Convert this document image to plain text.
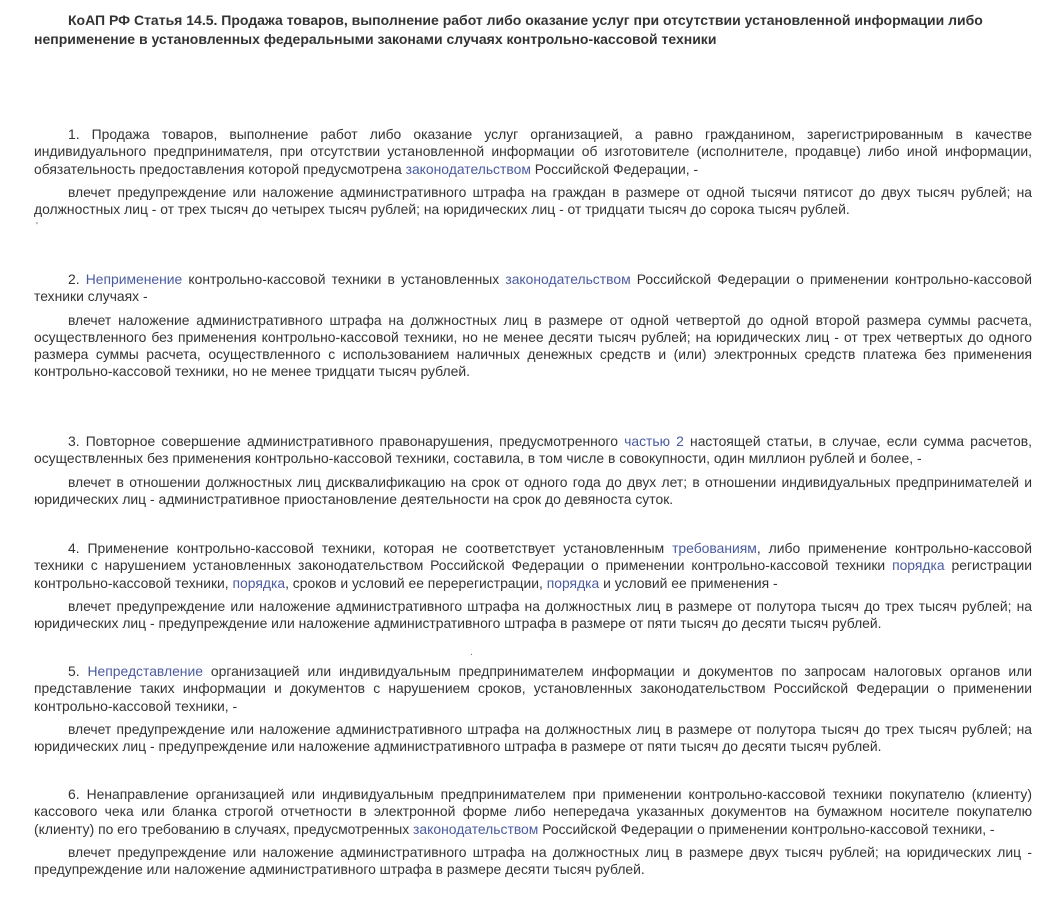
КоАП РФ Статья 14.5. Продажа товаров, выполнение работ либо оказание услуг при отсутствии установленной информации либо неприменение в установленных федеральными законами случаях контрольно-кассовой техники

1. Продажа товаров, выполнение работ либо оказание услуг организацией, а равно гражданином, зарегистрированным в качестве индивидуального предпринимателя, при отсутствии установленной информации об изготовителе (исполнителе, продавце) либо иной информации, обязательность предоставления которой предусмотрена законодательством Российской Федерации, -

влечет предупреждение или наложение административного штрафа на граждан в размере от одной тысячи пятисот до двух тысяч рублей; на должностных лиц - от трех тысяч до четырех тысяч рублей; на юридических лиц - от тридцати тысяч до сорока тысяч рублей.

'

2. Неприменение контрольно-кассовой техники в установленных законодательством Российской Федерации о применении контрольно-кассовой техники случаях -

влечет наложение административного штрафа на должностных лиц в размере от одной четвертой до одной второй размера суммы расчета, осуществленного без применения контрольно-кассовой техники, но не менее десяти тысяч рублей; на юридических лиц - от трех четвертых до одного размера суммы расчета, осуществленного с использованием наличных денежных средств и (или) электронных средств платежа без применения контрольно-кассовой техники, но не менее тридцати тысяч рублей.

3. Повторное совершение административного правонарушения, предусмотренного частью 2 настоящей статьи, в случае, если сумма расчетов, осуществленных без применения контрольно-кассовой техники, составила, в том числе в совокупности, один миллион рублей и более, -

влечет в отношении должностных лиц дисквалификацию на срок от одного года до двух лет; в отношении индивидуальных предпринимателей и юридических лиц - административное приостановление деятельности на срок до девяноста суток.

4. Применение контрольно-кассовой техники, которая не соответствует установленным требованиям, либо применение контрольно-кассовой техники с нарушением установленных законодательством Российской Федерации о применении контрольно-кассовой техники порядка регистрации контрольно-кассовой техники, порядка, сроков и условий ее перерегистрации, порядка и условий ее применения -

влечет предупреждение или наложение административного штрафа на должностных лиц в размере от полутора тысяч до трех тысяч рублей; на юридических лиц - предупреждение или наложение административного штрафа в размере от пяти тысяч до десяти тысяч рублей.

.

5. Непредставление организацией или индивидуальным предпринимателем информации и документов по запросам налоговых органов или представление таких информации и документов с нарушением сроков, установленных законодательством Российской Федерации о применении контрольно-кассовой техники, -

влечет предупреждение или наложение административного штрафа на должностных лиц в размере от полутора тысяч до трех тысяч рублей; на юридических лиц - предупреждение или наложение административного штрафа в размере от пяти тысяч до десяти тысяч рублей.

6. Ненаправление организацией или индивидуальным предпринимателем при применении контрольно-кассовой техники покупателю (клиенту) кассового чека или бланка строгой отчетности в электронной форме либо непередача указанных документов на бумажном носителе покупателю (клиенту) по его требованию в случаях, предусмотренных законодательством Российской Федерации о применении контрольно-кассовой техники, -

влечет предупреждение или наложение административного штрафа на должностных лиц в размере двух тысяч рублей; на юридических лиц - предупреждение или наложение административного штрафа в размере десяти тысяч рублей.
